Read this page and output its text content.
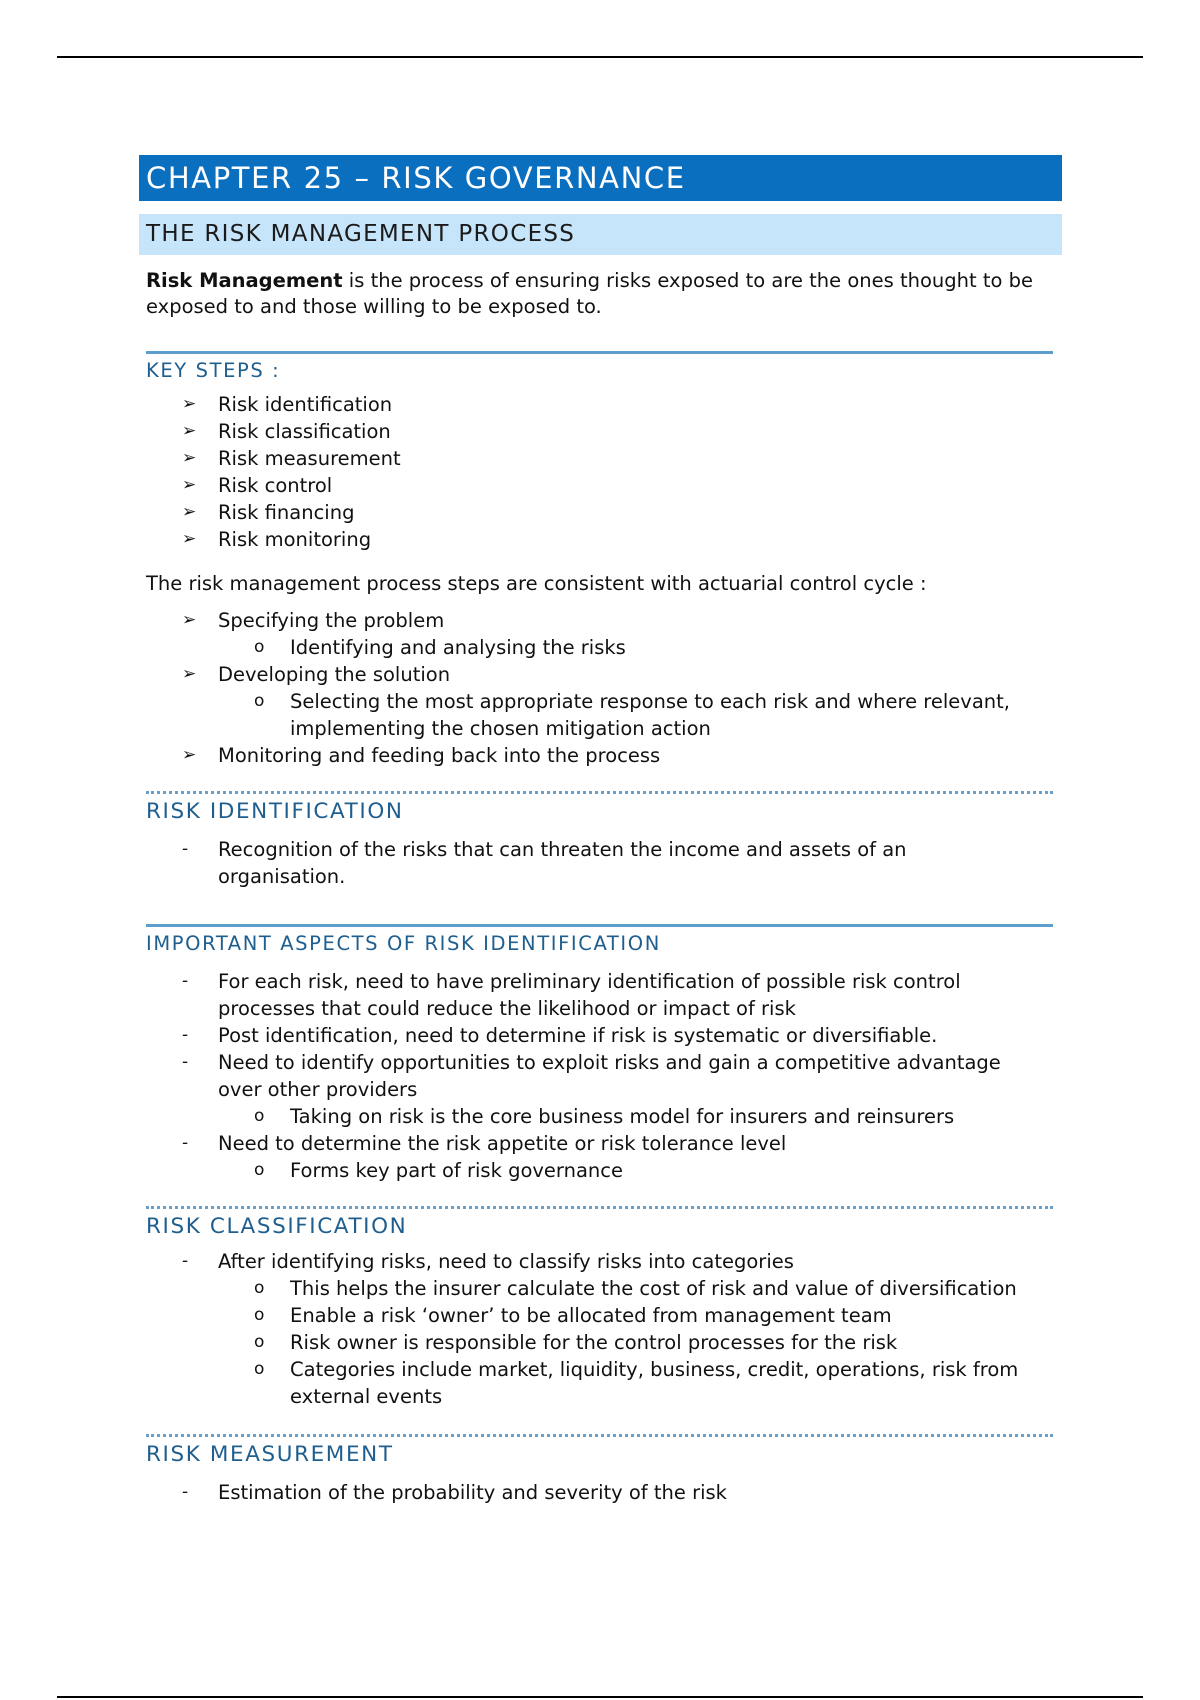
CHAPTER 25 – RISK GOVERNANCE
THE RISK MANAGEMENT PROCESS

Risk Management is the process of ensuring risks exposed to are the ones thought to be exposed to and those willing to be exposed to.

KEY STEPS :
➢ Risk identification
➢ Risk classification
➢ Risk measurement
➢ Risk control
➢ Risk financing
➢ Risk monitoring

The risk management process steps are consistent with actuarial control cycle :

➢ Specifying the problem
o Identifying and analysing the risks
➢ Developing the solution
o Selecting the most appropriate response to each risk and where relevant, implementing the chosen mitigation action
➢ Monitoring and feeding back into the process
RISK IDENTIFICATION
- Recognition of the risks that can threaten the income and assets of an organisation.
IMPORTANT ASPECTS OF RISK IDENTIFICATION
- For each risk, need to have preliminary identification of possible risk control processes that could reduce the likelihood or impact of risk
- Post identification, need to determine if risk is systematic or diversifiable.
- Need to identify opportunities to exploit risks and gain a competitive advantage over other providers
o Taking on risk is the core business model for insurers and reinsurers
- Need to determine the risk appetite or risk tolerance level
o Forms key part of risk governance
RISK CLASSIFICATION
- After identifying risks, need to classify risks into categories
o This helps the insurer calculate the cost of risk and value of diversification
o Enable a risk ‘owner’ to be allocated from management team
o Risk owner is responsible for the control processes for the risk
o Categories include market, liquidity, business, credit, operations, risk from external events
RISK MEASUREMENT
- Estimation of the probability and severity of the risk
